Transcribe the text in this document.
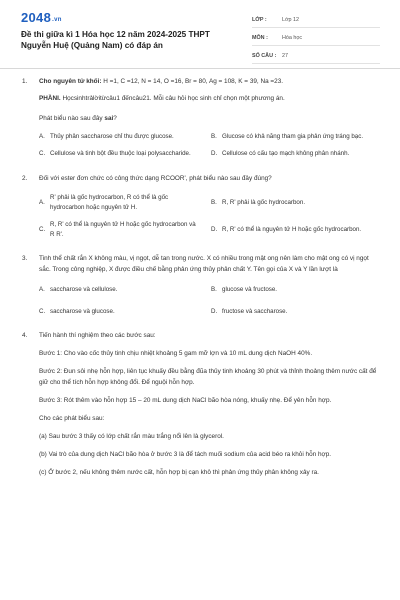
2048.vn
Đề thi giữa kì 1 Hóa học 12 năm 2024-2025 THPT Nguyễn Huệ (Quảng Nam) có đáp án
LỚP :	Lớp 12
MÔN :	Hóa học
SỐ CÂU :	27
1.	Cho nguyên tử khối: H =1, C =12, N = 14, O =16, Br = 80, Ag = 108, K = 39, Na =23.
PHẦNI. Họcsinhtrảlờitừcâu1 đếncâu21. Mỗi câu hỏi học sinh chỉ chọn một phương án.
Phát biểu nào sau đây sai?
A. Thủy phân saccharose chỉ thu được glucose.	B. Glucose có khả năng tham gia phản ứng tráng bạc.
C. Cellulose và tinh bột đều thuộc loại polysaccharide.	D. Cellulose có cấu tạo mạch không phân nhánh.
2.	Đối với ester đơn chức có công thức dạng RCOOR', phát biểu nào sau đây đúng?
A.
R' phải là gốc hydrocarbon, R có thể là gốc hydrocarbon hoặc nguyên tử H.
B. R, R' phải là gốc hydrocarbon.
C.
R, R' có thể là nguyên tử H hoặc gốc hydrocarbon và R R'.
D. R, R' có thể là nguyên tử H hoặc gốc hydrocarbon.
3.	Tinh thể chất rắn X không màu, vị ngọt, dễ tan trong nước. X có nhiều trong mật ong nên làm cho mật ong có vị ngọt sắc. Trong công nghiệp, X được điều chế bằng phản ứng thủy phân chất Y. Tên gọi của X và Y lần lượt là
A. saccharose và cellulose.	B. glucose và fructose.
C. saccharose và glucose.	D. fructose và saccharose.
4.	Tiến hành thí nghiệm theo các bước sau:
Bước 1: Cho vào cốc thủy tinh chịu nhiệt khoảng 5 gam mỡ lợn và 10 mL dung dịch NaOH 40%.
Bước 2: Đun sôi nhẹ hỗn hợp, liên tục khuấy đều bằng đũa thủy tinh khoảng 30 phút và thỉnh thoảng thêm nước cất để giữ cho thể tích hỗn hợp không đổi. Để nguội hỗn hợp.
Bước 3: Rót thêm vào hỗn hợp 15 – 20 mL dung dịch NaCl bão hòa nóng, khuấy nhẹ. Để yên hỗn hợp.
Cho các phát biểu sau:
(a) Sau bước 3 thấy có lớp chất rắn màu trắng nổi lên là glycerol.
(b) Vai trò của dung dịch NaCl bão hòa ở bước 3 là để tách muối sodium của acid béo ra khỏi hỗn hợp.
(c) Ở bước 2, nếu không thêm nước cất, hỗn hợp bị cạn khô thì phản ứng thủy phân không xảy ra.
